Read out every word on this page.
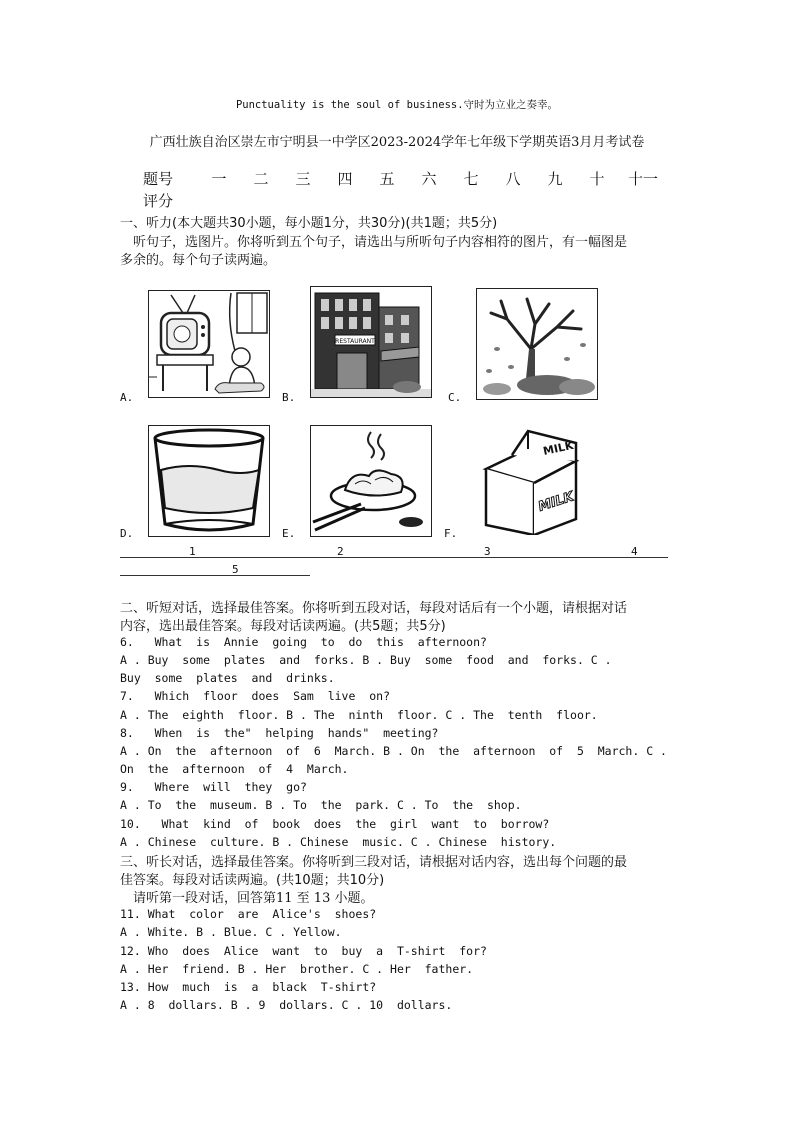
Punctuality is the soul of business.守时为立业之奏幸。
广西壮族自治区崇左市宁明县一中学区2023-2024学年七年级下学期英语3月月考试卷
题号	一	二	三	四	五	六	七	八	九	十	十一
评分
一、听力(本大题共30小题，每小题1分，共30分)(共1题；共5分)
听句子，选图片。你将听到五个句子，请选出与所听句子内容相符的图片，有一幅图是
多余的。每个句子读两遍。
A.
RESTAURANT
B.	C.
D.	E.
MILK
MILK
F.
1	2	3	4
5
二、听短对话，选择最佳答案。你将听到五段对话，每段对话后有一个小题，请根据对话
内容，选出最佳答案。每段对话读两遍。(共5题；共5分)
6.   What  is  Annie  going  to  do  this  afternoon?
A . Buy  some  plates  and  forks. B . Buy  some  food  and  forks. C .
Buy  some  plates  and  drinks.
7.   Which  floor  does  Sam  live  on?
A . The  eighth  floor. B . The  ninth  floor. C . The  tenth  floor.
8.   When  is  the"  helping  hands"  meeting?
A . On  the  afternoon  of  6  March. B . On  the  afternoon  of  5  March. C .
On  the  afternoon  of  4  March.
9.   Where  will  they  go?
A . To  the  museum. B . To  the  park. C . To  the  shop.
10.   What  kind  of  book  does  the  girl  want  to  borrow?
A . Chinese  culture. B . Chinese  music. C . Chinese  history.
三、听长对话，选择最佳答案。你将听到三段对话，请根据对话内容，选出每个问题的最
佳答案。每段对话读两遍。(共10题；共10分)
请听第一段对话，回答第11 至 13 小题。
11. What  color  are  Alice's  shoes?
A . White. B . Blue. C . Yellow.
12. Who  does  Alice  want  to  buy  a  T-shirt  for?
A . Her  friend. B . Her  brother. C . Her  father.
13. How  much  is  a  black  T-shirt?
A . 8  dollars. B . 9  dollars. C . 10  dollars.
